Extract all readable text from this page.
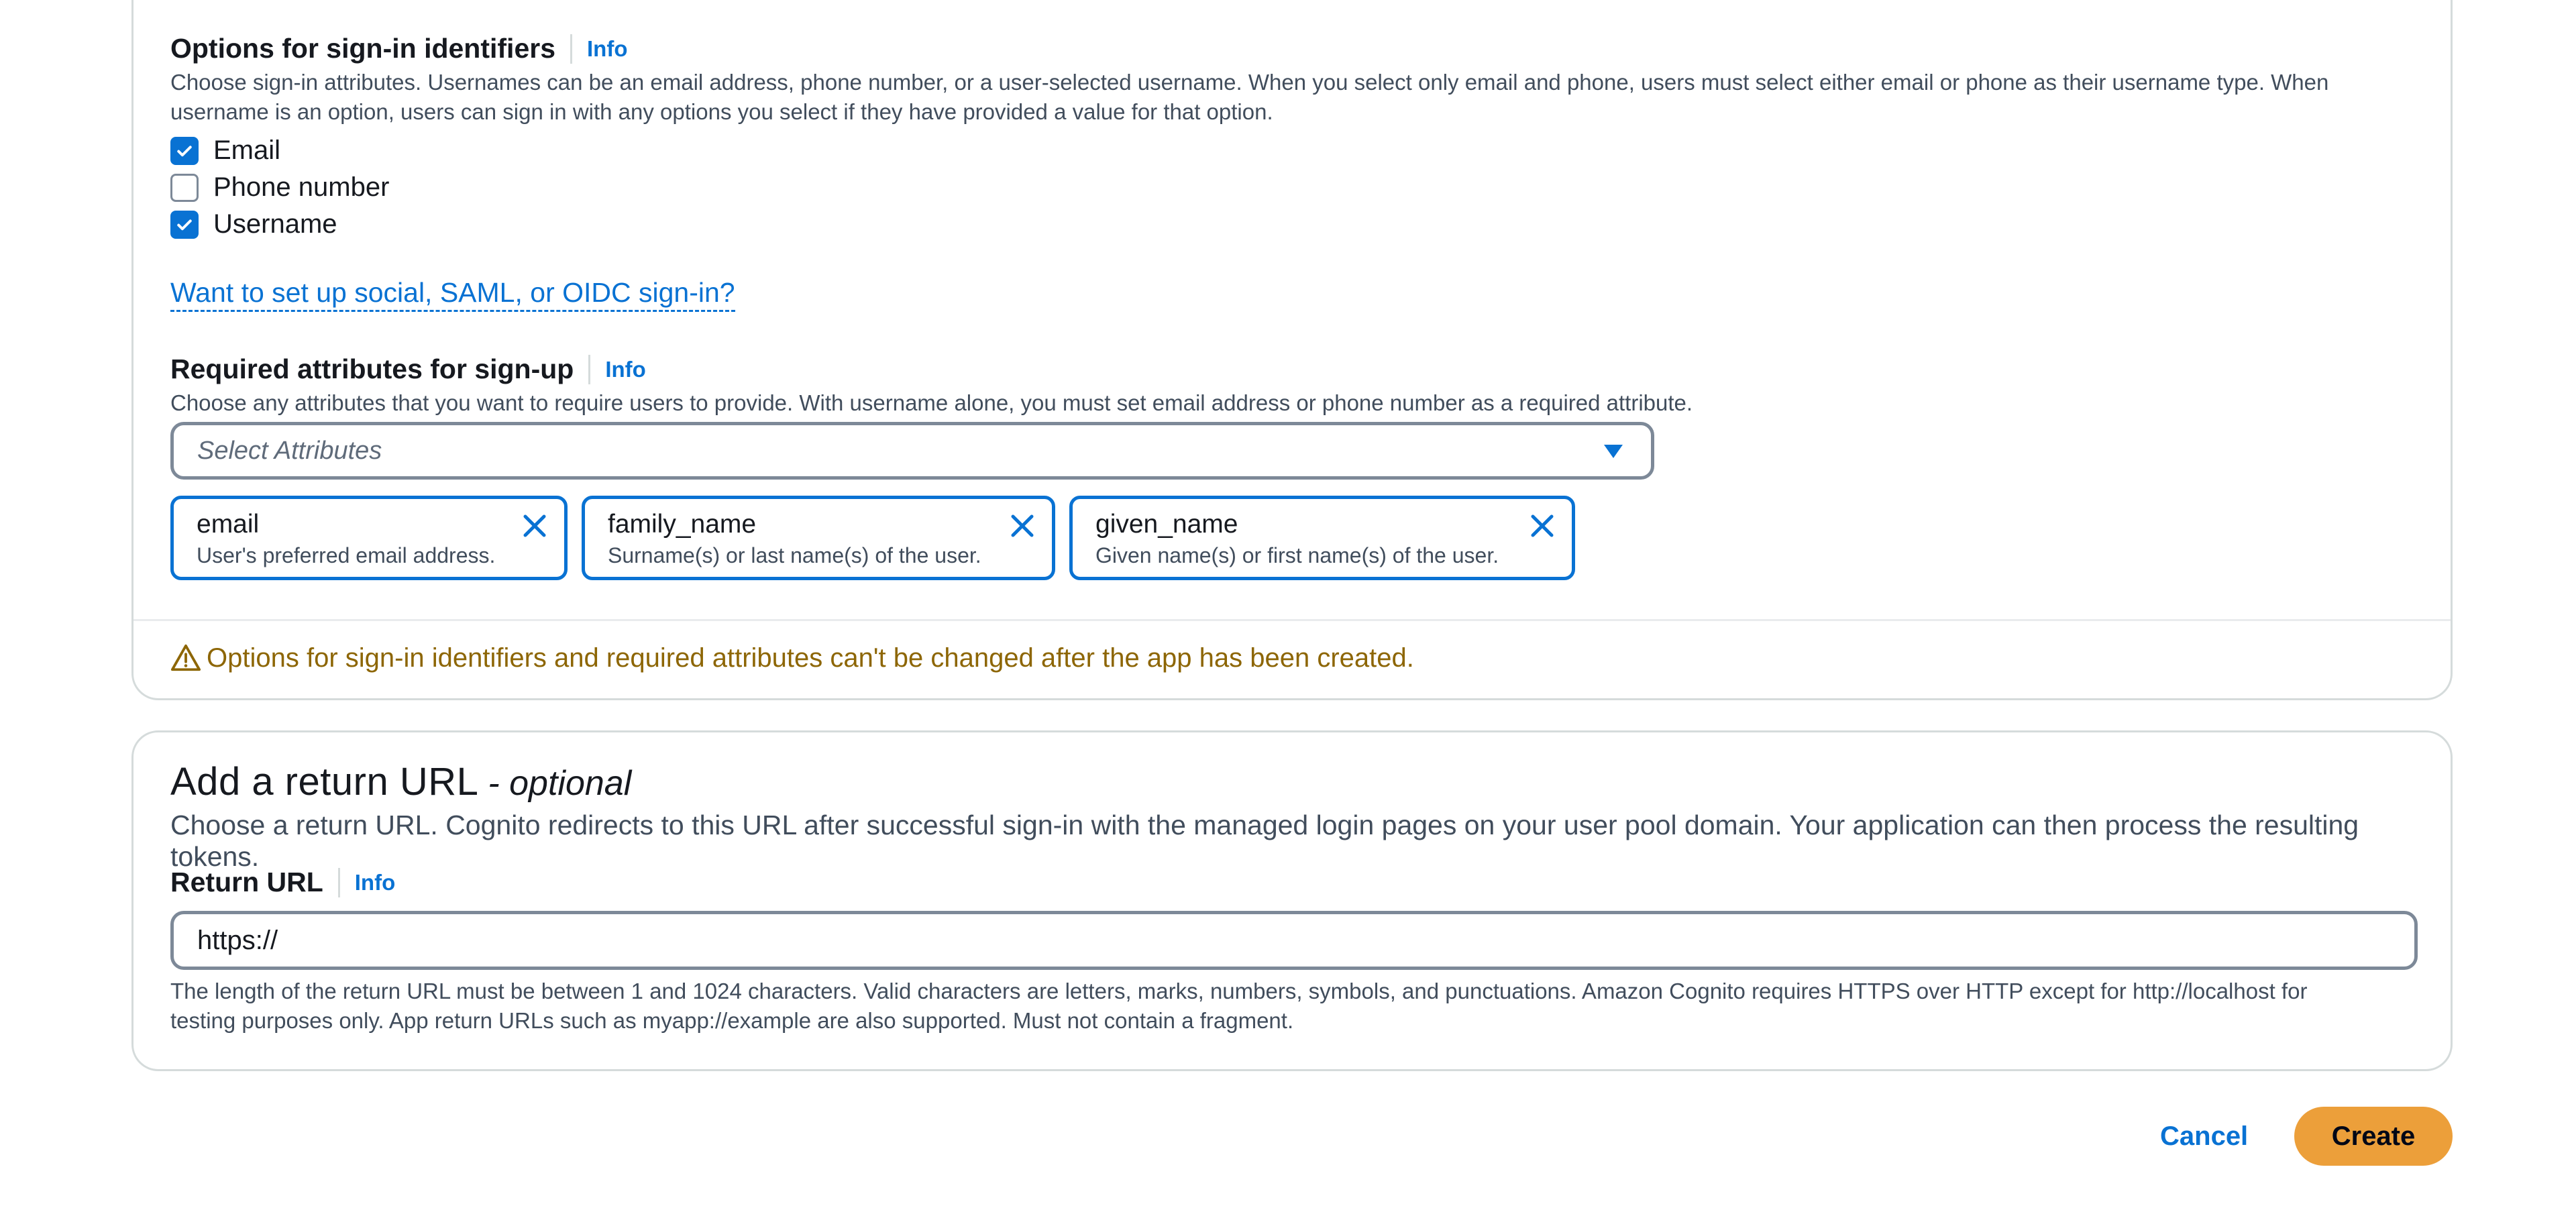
Options for sign-in identifiers Info
Choose sign-in attributes. Usernames can be an email address, phone number, or a user-selected username. When you select only email and phone, users must select either email or phone as their username type. When
username is an option, users can sign in with any options you select if they have provided a value for that option.
Email
Phone number
Username
Want to set up social, SAML, or OIDC sign-in?
Required attributes for sign-up Info
Choose any attributes that you want to require users to provide. With username alone, you must set email address or phone number as a required attribute.
Select Attributes
email
User's preferred email address.
family_name
Surname(s) or last name(s) of the user.
given_name
Given name(s) or first name(s) of the user.
Options for sign-in identifiers and required attributes can't be changed after the app has been created.
Add a return URL - optional
Choose a return URL. Cognito redirects to this URL after successful sign-in with the managed login pages on your user pool domain. Your application can then process the resulting tokens.
Return URL Info
https://
The length of the return URL must be between 1 and 1024 characters. Valid characters are letters, marks, numbers, symbols, and punctuations. Amazon Cognito requires HTTPS over HTTP except for http://localhost for
testing purposes only. App return URLs such as myapp://example are also supported. Must not contain a fragment.
Cancel	Create
